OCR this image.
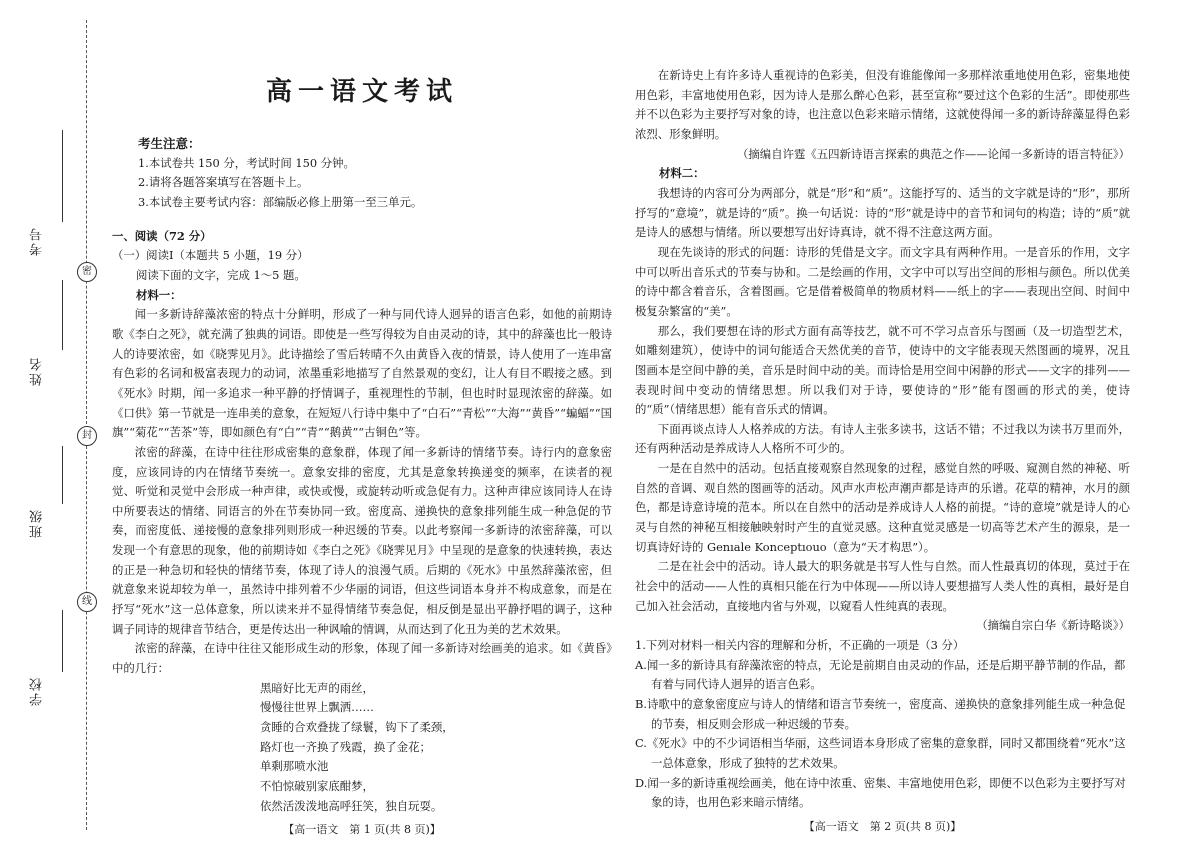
密
封
线
考号
姓名
班级
学校
高一语文考试
考生注意：
1.本试卷共 150 分，考试时间 150 分钟。
2.请将各题答案填写在答题卡上。
3.本试卷主要考试内容：部编版必修上册第一至三单元。
一、阅读（72 分）
（一）阅读Ⅰ（本题共 5 小题，19 分）
阅读下面的文字，完成 1～5 题。
材料一：
闻一多新诗辞藻浓密的特点十分鲜明，形成了一种与同代诗人迥异的语言色彩，如他的前期诗歌《李白之死》，就充满了独典的词语。即使是一些写得较为自由灵动的诗，其中的辞藻也比一般诗人的诗要浓密，如《晓霁见月》。此诗描绘了雪后转晴不久由黄昏入夜的情景，诗人使用了一连串富有色彩的名词和极富表现力的动词，浓墨重彩地描写了自然景观的变幻，让人有目不暇接之感。到《死水》时期，闻一多追求一种平静的抒情调子，重视理性的节制，但也时时显现浓密的辞藻。如《口供》第一节就是一连串美的意象，在短短八行诗中集中了“白石”“青松”“大海”“黄昏”“蝙蝠”“国旗”“菊花”“苦茶”等，即如颜色有“白”“青”“鹅黄”“古铜色”等。
浓密的辞藻，在诗中往往形成密集的意象群，体现了闻一多新诗的情绪节奏。诗行内的意象密度，应该同诗的内在情绪节奏统一。意象安排的密度，尤其是意象转换递变的频率，在读者的视觉、听觉和灵觉中会形成一种声律，或快或慢，或旋转动听或急促有力。这种声律应该同诗人在诗中所要表达的情绪、同语言的外在节奏协同一致。密度高、递换快的意象排列能生成一种急促的节奏，而密度低、递接慢的意象排列则形成一种迟缓的节奏。以此考察闻一多新诗的浓密辞藻，可以发现一个有意思的现象，他的前期诗如《李白之死》《晓霁见月》中呈现的是意象的快速转换，表达的正是一种急切和轻快的情绪节奏，体现了诗人的浪漫气质。后期的《死水》中虽然辞藻浓密，但就意象来说却较为单一，虽然诗中排列着不少华丽的词语，但这些词语本身并不构成意象，而是在抒写“死水”这一总体意象，所以读来并不显得情绪节奏急促，相反倒是显出平静抒唱的调子，这种调子同诗的规律音节结合，更是传达出一种讽喻的情调，从而达到了化丑为美的艺术效果。
浓密的辞藻，在诗中往往又能形成生动的形象，体现了闻一多新诗对绘画美的追求。如《黄昏》中的几行：
黑暗好比无声的雨丝，
慢慢往世界上飘洒……
贪睡的合欢叠拢了绿鬟，钩下了柔颈，
路灯也一齐换了残霞，换了金花；
单剩那喷水池
不怕惊破别家底酣梦，
依然活泼泼地高呼狂笑，独自玩耍。
【高一语文　第 1 页(共 8 页)】
在新诗史上有许多诗人重视诗的色彩美，但没有谁能像闻一多那样浓重地使用色彩，密集地使用色彩，丰富地使用色彩，因为诗人是那么醉心色彩，甚至宣称“要过这个色彩的生活”。即使那些并不以色彩为主要抒写对象的诗，也注意以色彩来暗示情绪，这就使得闻一多的新诗辞藻显得色彩浓烈、形象鲜明。
（摘编自许霆《五四新诗语言探索的典范之作——论闻一多新诗的语言特征》）
材料二：
我想诗的内容可分为两部分，就是“形”和“质”。这能抒写的、适当的文字就是诗的“形”，那所抒写的“意境”，就是诗的“质”。换一句话说：诗的“形”就是诗中的音节和词句的构造；诗的“质”就是诗人的感想与情绪。所以要想写出好诗真诗，就不得不注意这两方面。
现在先谈诗的形式的问题：诗形的凭借是文字。而文字具有两种作用。一是音乐的作用，文字中可以听出音乐式的节奏与协和。二是绘画的作用，文字中可以写出空间的形相与颜色。所以优美的诗中都含着音乐，含着图画。它是借着极简单的物质材料——纸上的字——表现出空间、时间中极复杂繁富的“美”。
那么，我们要想在诗的形式方面有高等技艺，就不可不学习点音乐与图画（及一切造型艺术，如雕刻建筑），使诗中的词句能适合天然优美的音节，使诗中的文字能表现天然图画的境界，况且图画本是空间中静的美，音乐是时间中动的美。而诗恰是用空间中闲静的形式——文字的排列——表现时间中变动的情绪思想。所以我们对于诗，要使诗的“形”能有图画的形式的美，使诗的“质”（情绪思想）能有音乐式的情调。
下面再谈点诗人人格养成的方法。有诗人主张多读书，这话不错；不过我以为读书万里而外，还有两种活动是养成诗人人格所不可少的。
一是在自然中的活动。包括直接观察自然现象的过程，感觉自然的呼吸、窥测自然的神秘、听自然的音调、观自然的图画等的活动。风声水声松声潮声都是诗声的乐谱。花草的精神，水月的颜色，都是诗意诗境的范本。所以在自然中的活动是养成诗人人格的前提。“诗的意境”就是诗人的心灵与自然的神秘互相接触映射时产生的直觉灵感。这种直觉灵感是一切高等艺术产生的源泉，是一切真诗好诗的 Genıale Konceptıouo（意为“天才构思”）。
二是在社会中的活动。诗人最大的职务就是书写人性与自然。而人性最真切的体现，莫过于在社会中的活动——人性的真相只能在行为中体现——所以诗人要想描写人类人性的真相，最好是自己加入社会活动，直接地内省与外观，以窥看人性纯真的表现。
（摘编自宗白华《新诗略谈》）
1.下列对材料一相关内容的理解和分析，不正确的一项是（3 分）
A.闻一多的新诗具有辞藻浓密的特点，无论是前期自由灵动的作品，还是后期平静节制的作品，都有着与同代诗人迥异的语言色彩。
B.诗歌中的意象密度应与诗人的情绪和语言节奏统一，密度高、递换快的意象排列能生成一种急促的节奏，相反则会形成一种迟缓的节奏。
C.《死水》中的不少词语相当华丽，这些词语本身形成了密集的意象群，同时又都围绕着“死水”这一总体意象，形成了独特的艺术效果。
D.闻一多的新诗重视绘画美，他在诗中浓重、密集、丰富地使用色彩，即便不以色彩为主要抒写对象的诗，也用色彩来暗示情绪。
【高一语文　第 2 页(共 8 页)】
